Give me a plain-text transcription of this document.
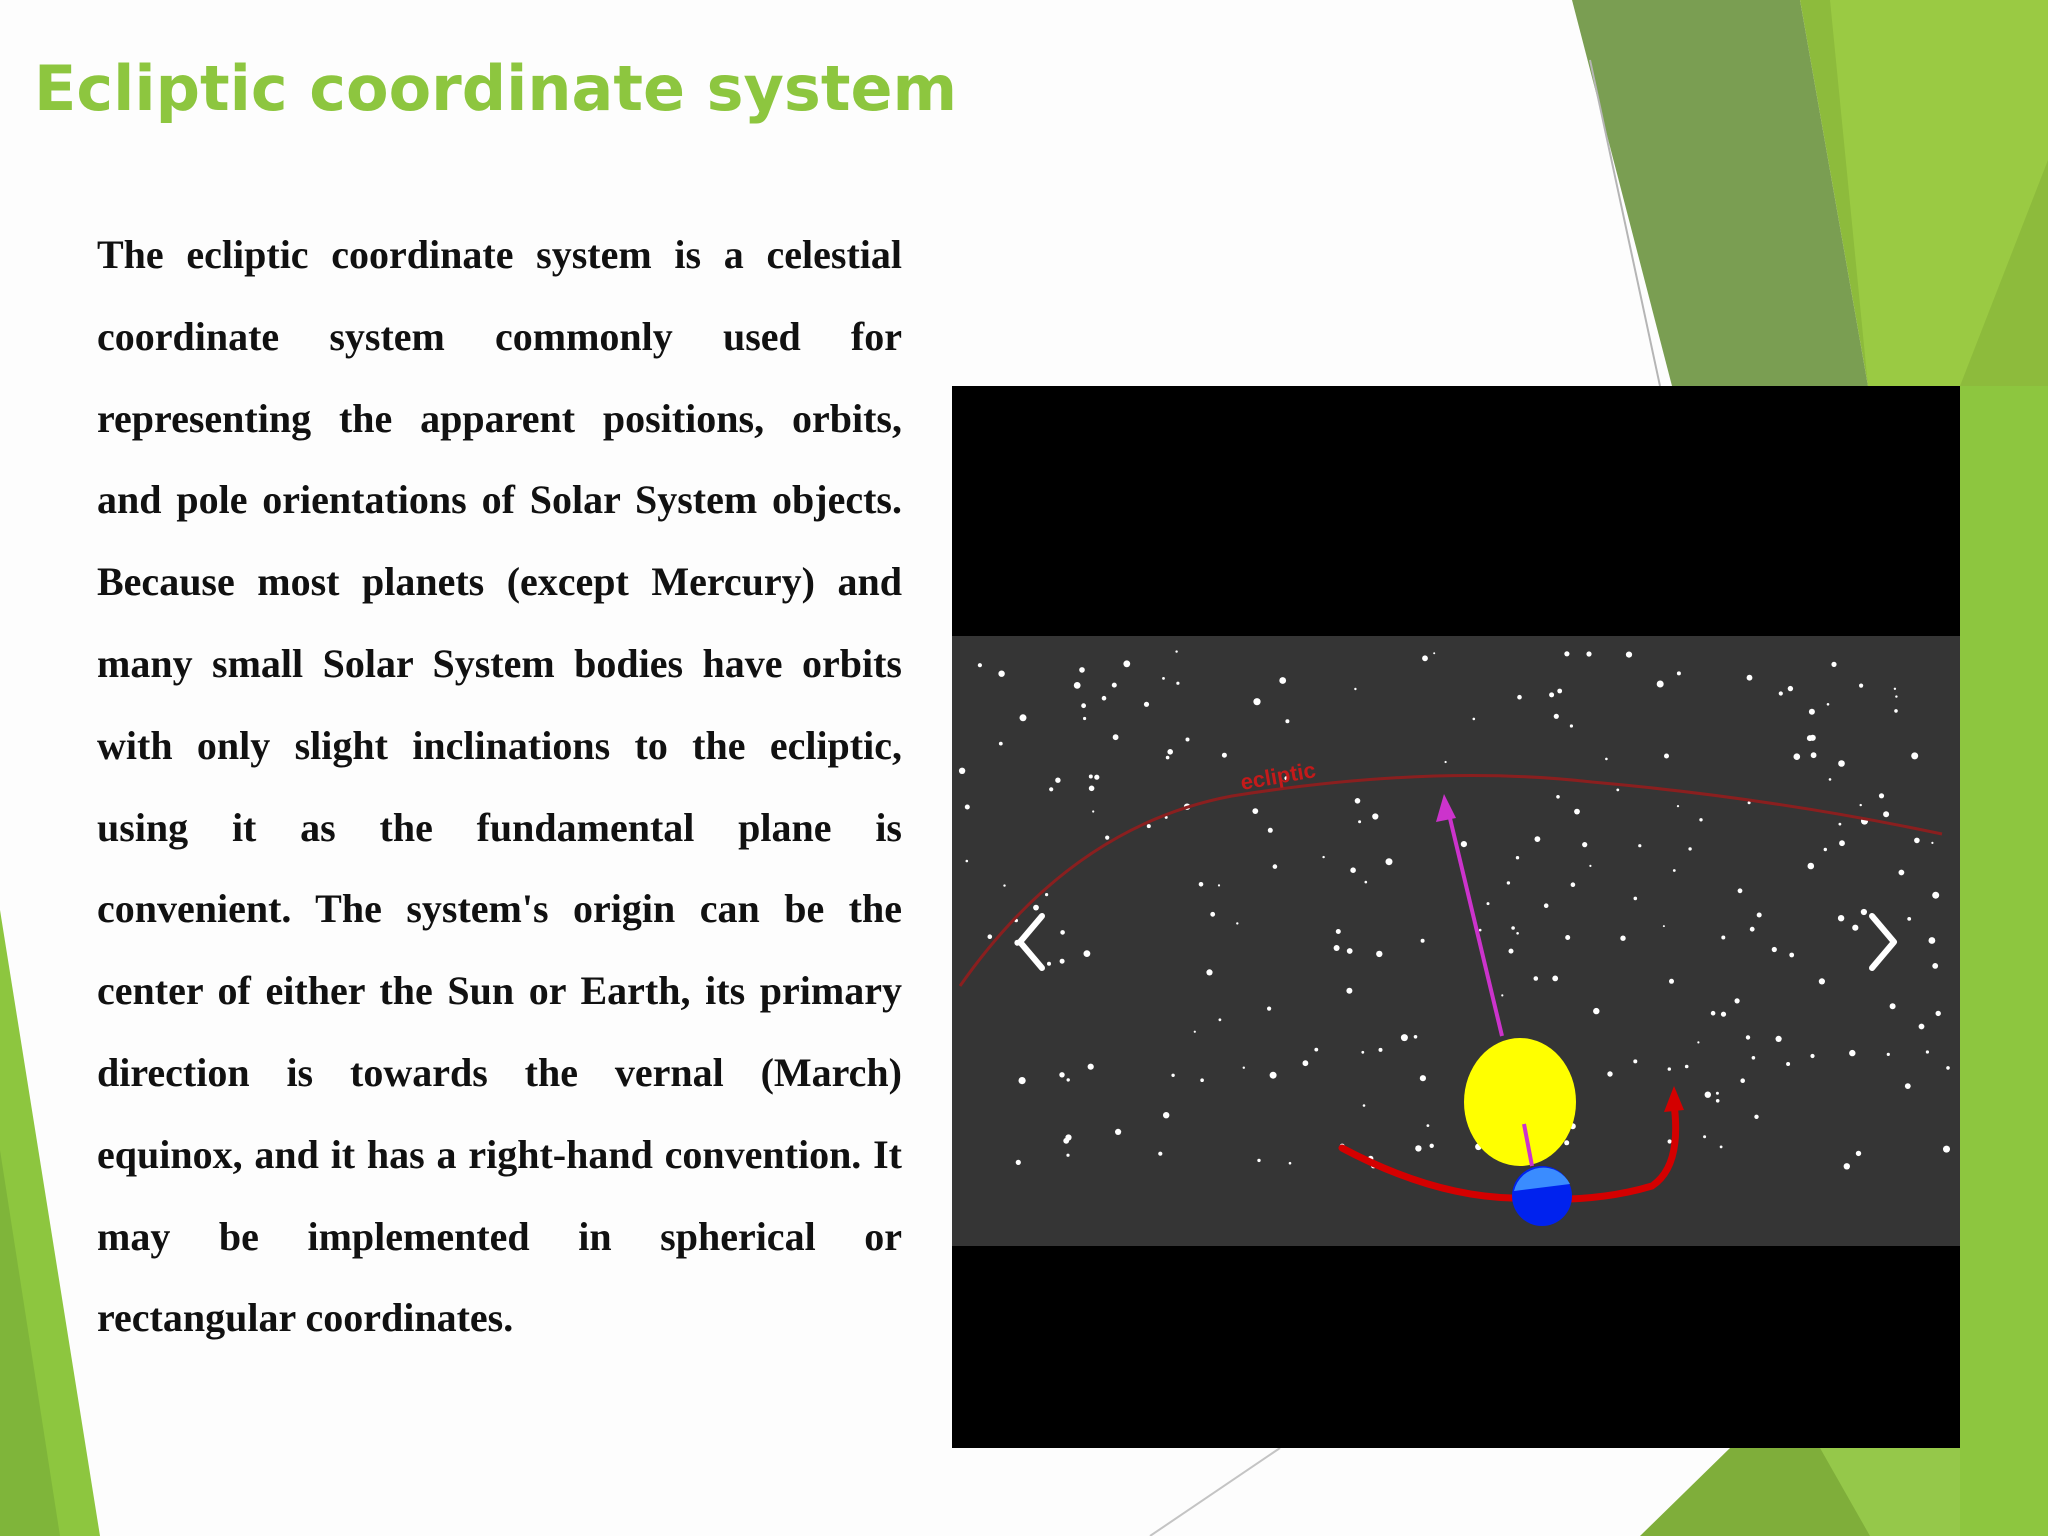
Ecliptic coordinate system

The ecliptic coordinate system is a celestial coordinate system commonly used for representing the apparent positions, orbits, and pole orientations of Solar System objects. Because most planets (except Mercury) and many small Solar System bodies have orbits with only slight inclinations to the ecliptic, using it as the fundamental plane is convenient. The system's origin can be the center of either the Sun or Earth, its primary direction is towards the vernal (March) equinox, and it has a right-hand convention. It may be implemented in spherical or rectangular coordinates.

ecliptic
